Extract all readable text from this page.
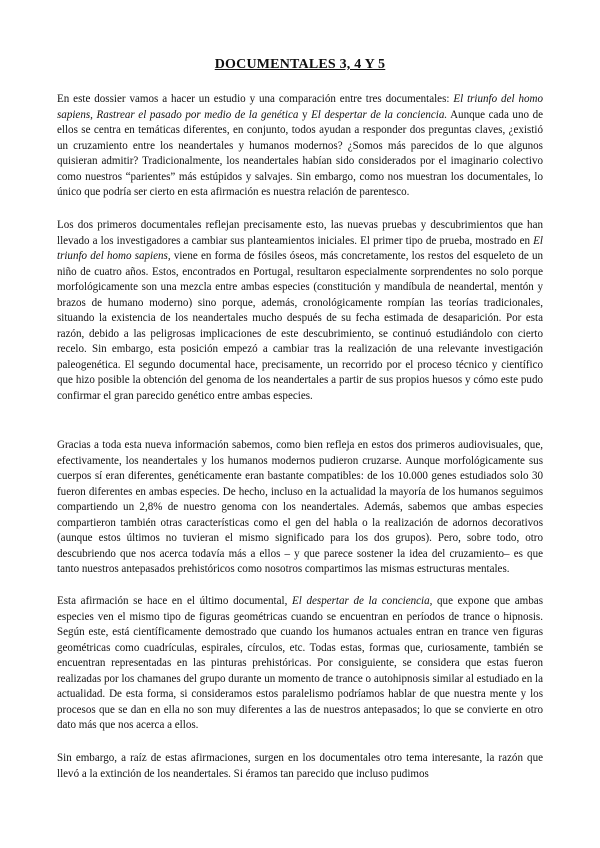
DOCUMENTALES 3, 4 Y 5

En este dossier vamos a hacer un estudio y una comparación entre tres documentales: El triunfo del homo sapiens, Rastrear el pasado por medio de la genética y El despertar de la conciencia. Aunque cada uno de ellos se centra en temáticas diferentes, en conjunto, todos ayudan a responder dos preguntas claves, ¿existió un cruzamiento entre los neandertales y humanos modernos? ¿Somos más parecidos de lo que algunos quisieran admitir? Tradicionalmente, los neandertales habían sido considerados por el imaginario colectivo como nuestros “parientes” más estúpidos y salvajes. Sin embargo, como nos muestran los documentales, lo único que podría ser cierto en esta afirmación es nuestra relación de parentesco.

Los dos primeros documentales reflejan precisamente esto, las nuevas pruebas y descubrimientos que han llevado a los investigadores a cambiar sus planteamientos iniciales. El primer tipo de prueba, mostrado en El triunfo del homo sapiens, viene en forma de fósiles óseos, más concretamente, los restos del esqueleto de un niño de cuatro años. Estos, encontrados en Portugal, resultaron especialmente sorprendentes no solo porque morfológicamente son una mezcla entre ambas especies (constitución y mandíbula de neandertal, mentón y brazos de humano moderno) sino porque, además, cronológicamente rompían las teorías tradicionales, situando la existencia de los neandertales mucho después de su fecha estimada de desaparición. Por esta razón, debido a las peligrosas implicaciones de este descubrimiento, se continuó estudiándolo con cierto recelo. Sin embargo, esta posición empezó a cambiar tras la realización de una relevante investigación paleogenética. El segundo documental hace, precisamente, un recorrido por el proceso técnico y científico que hizo posible la obtención del genoma de los neandertales a partir de sus propios huesos y cómo este pudo confirmar el gran parecido genético entre ambas especies.

Gracias a toda esta nueva información sabemos, como bien refleja en estos dos primeros audiovisuales, que, efectivamente, los neandertales y los humanos modernos pudieron cruzarse. Aunque morfológicamente sus cuerpos sí eran diferentes, genéticamente eran bastante compatibles: de los 10.000 genes estudiados solo 30 fueron diferentes en ambas especies. De hecho, incluso en la actualidad la mayoría de los humanos seguimos compartiendo un 2,8% de nuestro genoma con los neandertales. Además, sabemos que ambas especies compartieron también otras características como el gen del habla o la realización de adornos decorativos (aunque estos últimos no tuvieran el mismo significado para los dos grupos). Pero, sobre todo, otro descubriendo que nos acerca todavía más a ellos – y que parece sostener la idea del cruzamiento– es que tanto nuestros antepasados prehistóricos como nosotros compartimos las mismas estructuras mentales.

Esta afirmación se hace en el último documental, El despertar de la conciencia, que expone que ambas especies ven el mismo tipo de figuras geométricas cuando se encuentran en períodos de trance o hipnosis. Según este, está científicamente demostrado que cuando los humanos actuales entran en trance ven figuras geométricas como cuadrículas, espirales, círculos, etc. Todas estas, formas que, curiosamente, también se encuentran representadas en las pinturas prehistóricas. Por consiguiente, se considera que estas fueron realizadas por los chamanes del grupo durante un momento de trance o autohipnosis similar al estudiado en la actualidad. De esta forma, si consideramos estos paralelismo podríamos hablar de que nuestra mente y los procesos que se dan en ella no son muy diferentes a las de nuestros antepasados; lo que se convierte en otro dato más que nos acerca a ellos.

Sin embargo, a raíz de estas afirmaciones, surgen en los documentales otro tema interesante, la razón que llevó a la extinción de los neandertales. Si éramos tan parecido que incluso pudimos
